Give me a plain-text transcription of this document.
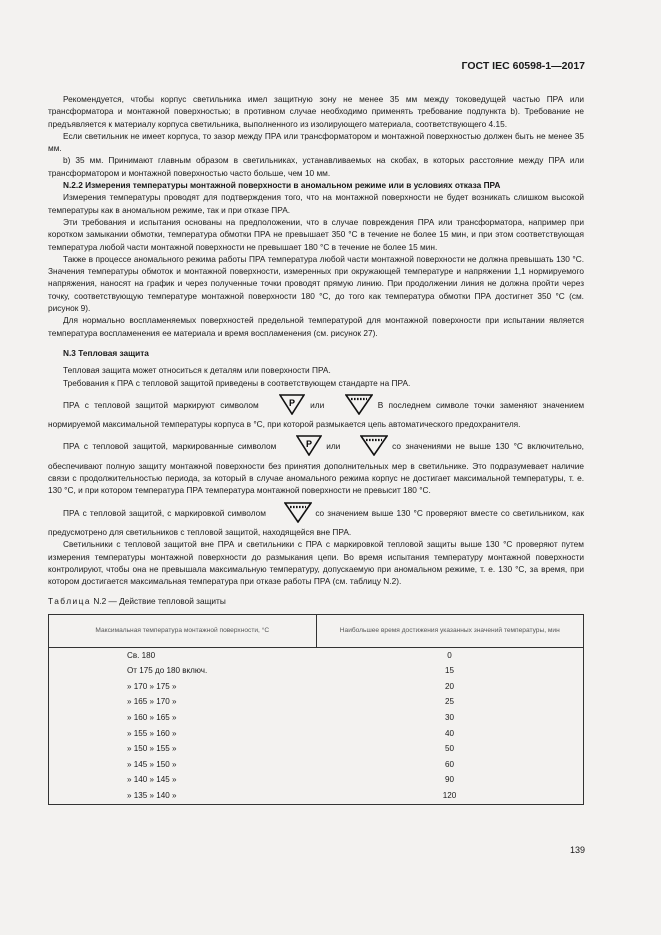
ГОСТ IEC 60598-1—2017

Рекомендуется, чтобы корпус светильника имел защитную зону не менее 35 мм между токоведущей частью ПРА или трансформатора и монтажной поверхностью; в противном случае необходимо применять требование подпункта b). Требование не предъявляется к материалу корпуса светильника, выполненного из изолирующего материала, соответствующего 4.15.

Если светильник не имеет корпуса, то зазор между ПРА или трансформатором и монтажной поверхностью должен быть не менее 35 мм.

b) 35 мм. Принимают главным образом в светильниках, устанавливаемых на скобах, в которых расстояние между ПРА или трансформатором и монтажной поверхностью часто больше, чем 10 мм.

N.2.2 Измерения температуры монтажной поверхности в аномальном режиме или в условиях отказа ПРА

Измерения температуры проводят для подтверждения того, что на монтажной поверхности не будет возникать слишком высокой температуры как в аномальном режиме, так и при отказе ПРА.

Эти требования и испытания основаны на предположении, что в случае повреждения ПРА или трансформатора, например при коротком замыкании обмотки, температура обмотки ПРА не превышает 350 °С в течение не более 15 мин, и при этом соответствующая температура любой части монтажной поверхности не превышает 180 °С в течение не более 15 мин.

Также в процессе аномального режима работы ПРА температура любой части монтажной поверхности не должна превышать 130 °С. Значения температуры обмоток и монтажной поверхности, измеренных при окружающей температуре и напряжении 1,1 нормируемого напряжения, наносят на график и через полученные точки проводят прямую линию. При продолжении линия не должна пройти через точку, соответствующую температуре монтажной поверхности 180 °С, до того как температура обмотки ПРА достигнет 350 °С (см. рисунок 9).

Для нормально воспламеняемых поверхностей предельной температурой для монтажной поверхности при испытании является температура воспламенения ее материала и время воспламенения (см. рисунок 27).

N.3 Тепловая защита

Тепловая защита может относиться к деталям или поверхности ПРА.

Требования к ПРА с тепловой защитой приведены в соответствующем стандарте на ПРА.

ПРА с тепловой защитой маркируют символом	P или	В последнем символе точки заменяют значением нормируемой максимальной температуры корпуса в °С, при которой размыкается цепь автоматического предохранителя.

ПРА с тепловой защитой, маркированные символом	P или	со значениями не выше 130 °С включительно, обеспечивают полную защиту монтажной поверхности без принятия дополнительных мер в светильнике. Это подразумевает наличие связи с продолжительностью периода, за который в случае аномального режима корпус не достигает максимальной температуры, т. е. 130 °С, и при котором температура ПРА температура монтажной поверхности не превысит 180 °С.

ПРА с тепловой защитой, с маркировкой символом	со значением выше 130 °С проверяют вместе со светильником, как предусмотрено для светильников с тепловой защитой, находящейся вне ПРА.

Светильники с тепловой защитой вне ПРА и светильники с ПРА с маркировкой тепловой защиты выше 130 °С проверяют путем измерения температуры монтажной поверхности до размыкания цепи. Во время испытания температуру монтажной поверхности контролируют, чтобы она не превышала максимальную температуру, допускаемую при аномальном режиме, т. е. 130 °С, за время, при котором достигается максимальная температура при отказе работы ПРА (см. таблицу N.2).

Таблица N.2 — Действие тепловой защиты

Максимальная температура монтажной поверхности, °С	Наибольшее время достижения указанных значений температуры, мин
Св. 180	0
От 175 до 180 включ.	15
» 170 » 175 »	20
» 165 » 170 »	25
» 160 » 165 »	30
» 155 » 160 »	40
» 150 » 155 »	50
» 145 » 150 »	60
» 140 » 145 »	90
» 135 » 140 »	120
139
